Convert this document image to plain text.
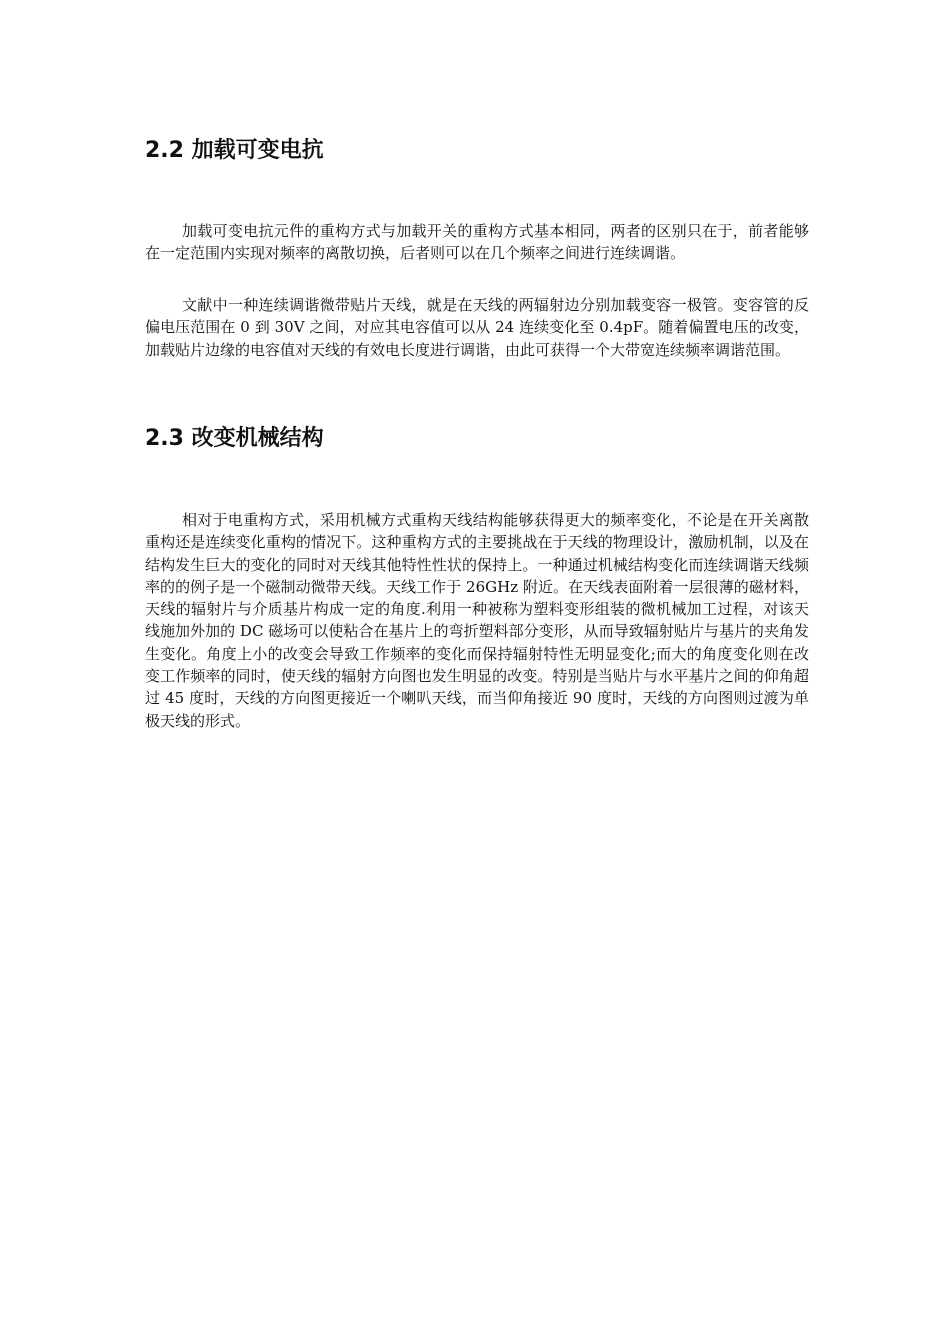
2.2 加载可变电抗

加载可变电抗元件的重构方式与加载开关的重构方式基本相同，两者的区别只在于，前者能够在一定范围内实现对频率的离散切换，后者则可以在几个频率之间进行连续调谐。

文献中一种连续调谐微带贴片天线，就是在天线的两辐射边分别加载变容一极管。变容管的反偏电压范围在 0 到 30V 之间，对应其电容值可以从 24 连续变化至 0.4pF。随着偏置电压的改变，加载贴片边缘的电容值对天线的有效电长度进行调谐，由此可获得一个大带宽连续频率调谐范围。

2.3 改变机械结构

相对于电重构方式，采用机械方式重构天线结构能够获得更大的频率变化，不论是在开关离散重构还是连续变化重构的情况下。这种重构方式的主要挑战在于天线的物理设计，激励机制，以及在结构发生巨大的变化的同时对天线其他特性性状的保持上。一种通过机械结构变化而连续调谐天线频率的的例子是一个磁制动微带天线。天线工作于 26GHz 附近。在天线表面附着一层很薄的磁材料，天线的辐射片与介质基片构成一定的角度.利用一种被称为塑料变形组装的微机械加工过程，对该天线施加外加的 DC 磁场可以使粘合在基片上的弯折塑料部分变形，从而导致辐射贴片与基片的夹角发生变化。角度上小的改变会导致工作频率的变化而保持辐射特性无明显变化;而大的角度变化则在改变工作频率的同时，使天线的辐射方向图也发生明显的改变。特别是当贴片与水平基片之间的仰角超过 45 度时，天线的方向图更接近一个喇叭天线，而当仰角接近 90 度时，天线的方向图则过渡为单极天线的形式。
